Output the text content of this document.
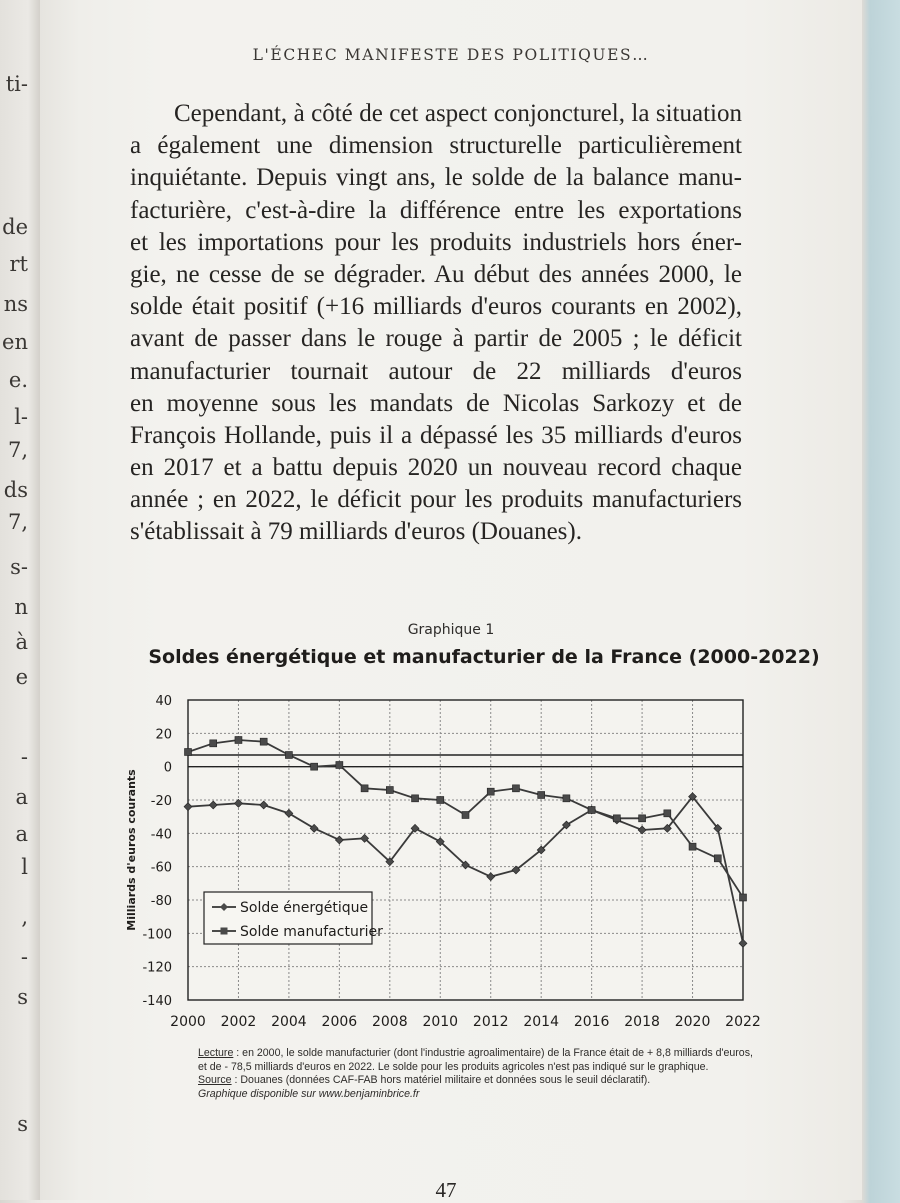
ti-
de
rt
ns
en
e.
l-
7,
ds
7,
s-
n
à
e
-
a
a
l
,
-
s
s
L'ÉCHEC MANIFESTE DES POLITIQUES…
Cependant, à côté de cet aspect conjoncturel, la situation
a également une dimension structurelle particulièrement
inquiétante. Depuis vingt ans, le solde de la balance manu-
facturière, c'est-à-dire la différence entre les exportations
et les importations pour les produits industriels hors éner-
gie, ne cesse de se dégrader. Au début des années 2000, le
solde était positif (+16 milliards d'euros courants en 2002),
avant de passer dans le rouge à partir de 2005 ; le déficit
manufacturier tournait autour de 22 milliards d'euros
en moyenne sous les mandats de Nicolas Sarkozy et de
François Hollande, puis il a dépassé les 35 milliards d'euros
en 2017 et a battu depuis 2020 un nouveau record chaque
année ; en 2022, le déficit pour les produits manufacturiers
s'établissait à 79 milliards d'euros (Douanes).
Graphique 1
Soldes énergétique et manufacturier de la France (2000-2022)
Lecture : en 2000, le solde manufacturier (dont l'industrie agroalimentaire) de la France était de + 8,8 milliards d'euros, et de - 78,5 milliards d'euros en 2022. Le solde pour les produits agricoles n'est pas indiqué sur le graphique.
Source : Douanes (données CAF-FAB hors matériel militaire et données sous le seuil déclaratif).
Graphique disponible sur www.benjaminbrice.fr
47
40
20
0
-20
-40
-60
-80
-100
-120
-140
2000 2002 2004 2006 2008 2010 2012 2014 2016 2018 2020 2022
Milliards d'euros courants	Solde énergétique
Solde manufacturier
